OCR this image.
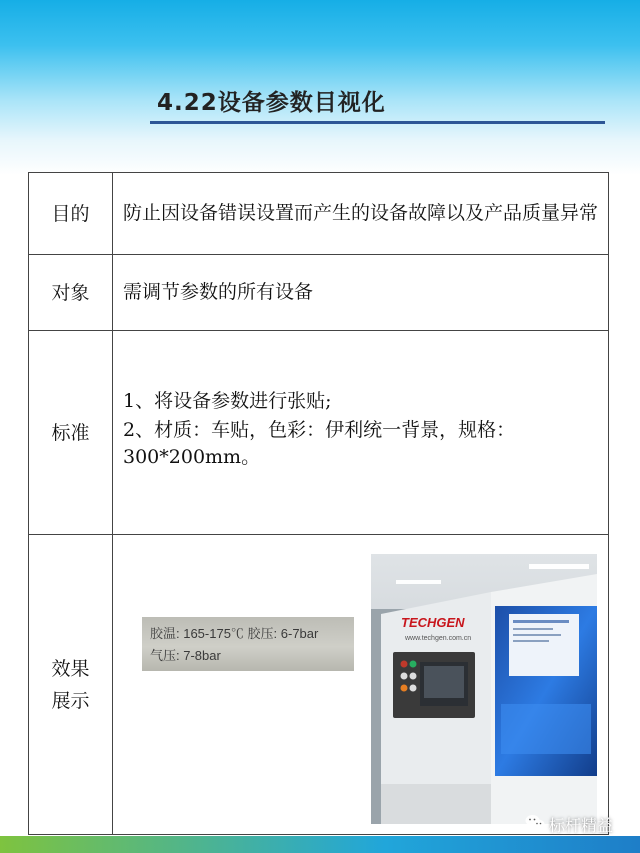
4.22设备参数目视化
目的	防止因设备错误设置而产生的设备故障以及产品质量异常
对象	需调节参数的所有设备
标准	1、将设备参数进行张贴;
2、材质：车贴，色彩：伊利统一背景，规格：300*200mm。

效果展示	胶温: 165-175℃ 胶压: 6-7bar
气压: 7-8bar
TECHGEN
www.techgen.com.cn
标杆精益
